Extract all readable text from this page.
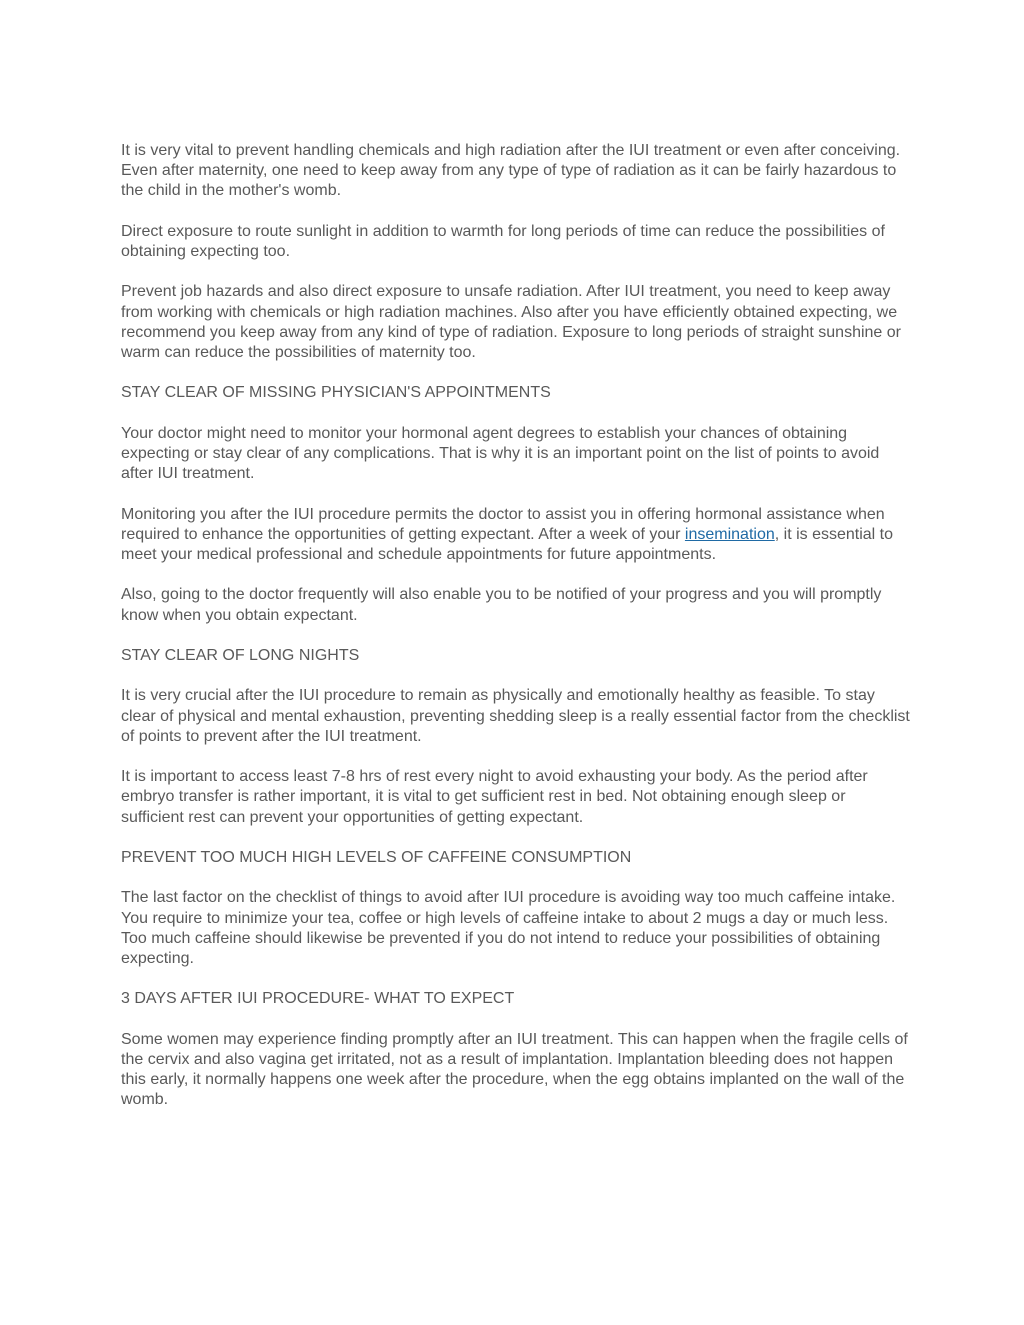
It is very vital to prevent handling chemicals and high radiation after the IUI treatment or even after conceiving.

Even after maternity, one need to keep away from any type of type of radiation as it can be fairly hazardous to the child in the mother's womb.

Direct exposure to route sunlight in addition to warmth for long periods of time can reduce the possibilities of obtaining expecting too.

Prevent job hazards and also direct exposure to unsafe radiation. After IUI treatment, you need to keep away from working with chemicals or high radiation machines. Also after you have efficiently obtained expecting, we recommend you keep away from any kind of type of radiation. Exposure to long periods of straight sunshine or warm can reduce the possibilities of maternity too.

STAY CLEAR OF MISSING PHYSICIAN'S APPOINTMENTS

Your doctor might need to monitor your hormonal agent degrees to establish your chances of obtaining expecting or stay clear of any complications. That is why it is an important point on the list of points to avoid after IUI treatment.

Monitoring you after the IUI procedure permits the doctor to assist you in offering hormonal assistance when required to enhance the opportunities of getting expectant. After a week of your insemination, it is essential to meet your medical professional and schedule appointments for future appointments.

Also, going to the doctor frequently will also enable you to be notified of your progress and you will promptly know when you obtain expectant.

STAY CLEAR OF LONG NIGHTS

It is very crucial after the IUI procedure to remain as physically and emotionally healthy as feasible. To stay clear of physical and mental exhaustion, preventing shedding sleep is a really essential factor from the checklist of points to prevent after the IUI treatment.

It is important to access least 7-8 hrs of rest every night to avoid exhausting your body. As the period after embryo transfer is rather important, it is vital to get sufficient rest in bed. Not obtaining enough sleep or sufficient rest can prevent your opportunities of getting expectant.

PREVENT TOO MUCH HIGH LEVELS OF CAFFEINE CONSUMPTION

The last factor on the checklist of things to avoid after IUI procedure is avoiding way too much caffeine intake. You require to minimize your tea, coffee or high levels of caffeine intake to about 2 mugs a day or much less. Too much caffeine should likewise be prevented if you do not intend to reduce your possibilities of obtaining expecting.

3 DAYS AFTER IUI PROCEDURE- WHAT TO EXPECT

Some women may experience finding promptly after an IUI treatment. This can happen when the fragile cells of the cervix and also vagina get irritated, not as a result of implantation. Implantation bleeding does not happen this early, it normally happens one week after the procedure, when the egg obtains implanted on the wall of the womb.
